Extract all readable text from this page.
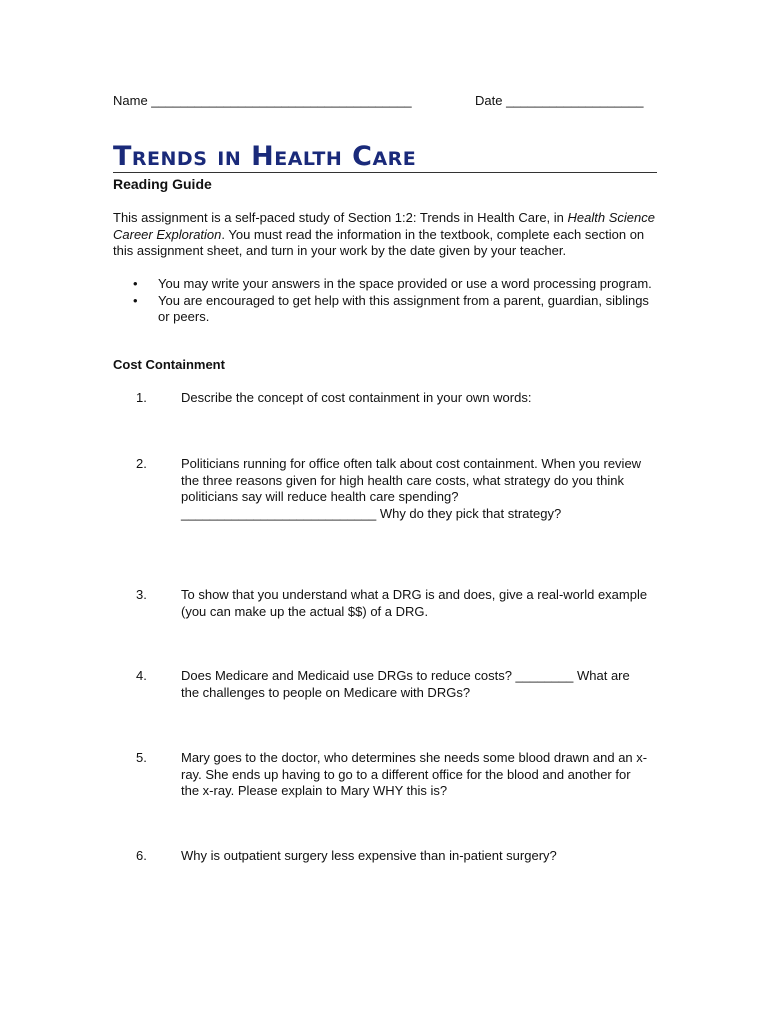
Name ____________________________________	Date ___________________
Trends in Health Care
Reading Guide
This assignment is a self-paced study of Section 1:2: Trends in Health Care, in Health Science Career Exploration. You must read the information in the textbook, complete each section on this assignment sheet, and turn in your work by the date given by your teacher.
• You may write your answers in the space provided or use a word processing program.
• You are encouraged to get help with this assignment from a parent, guardian, siblings or peers.
Cost Containment
1.	Describe the concept of cost containment in your own words:
2.	Politicians running for office often talk about cost containment. When you review the three reasons given for high health care costs, what strategy do you think politicians say will reduce health care spending? ___________________________ Why do they pick that strategy?
3.	To show that you understand what a DRG is and does, give a real-world example (you can make up the actual $$) of a DRG.
4.	Does Medicare and Medicaid use DRGs to reduce costs? ________ What are the challenges to people on Medicare with DRGs?
5.	Mary goes to the doctor, who determines she needs some blood drawn and an x-ray. She ends up having to go to a different office for the blood and another for the x-ray. Please explain to Mary WHY this is?
6.	Why is outpatient surgery less expensive than in-patient surgery?
